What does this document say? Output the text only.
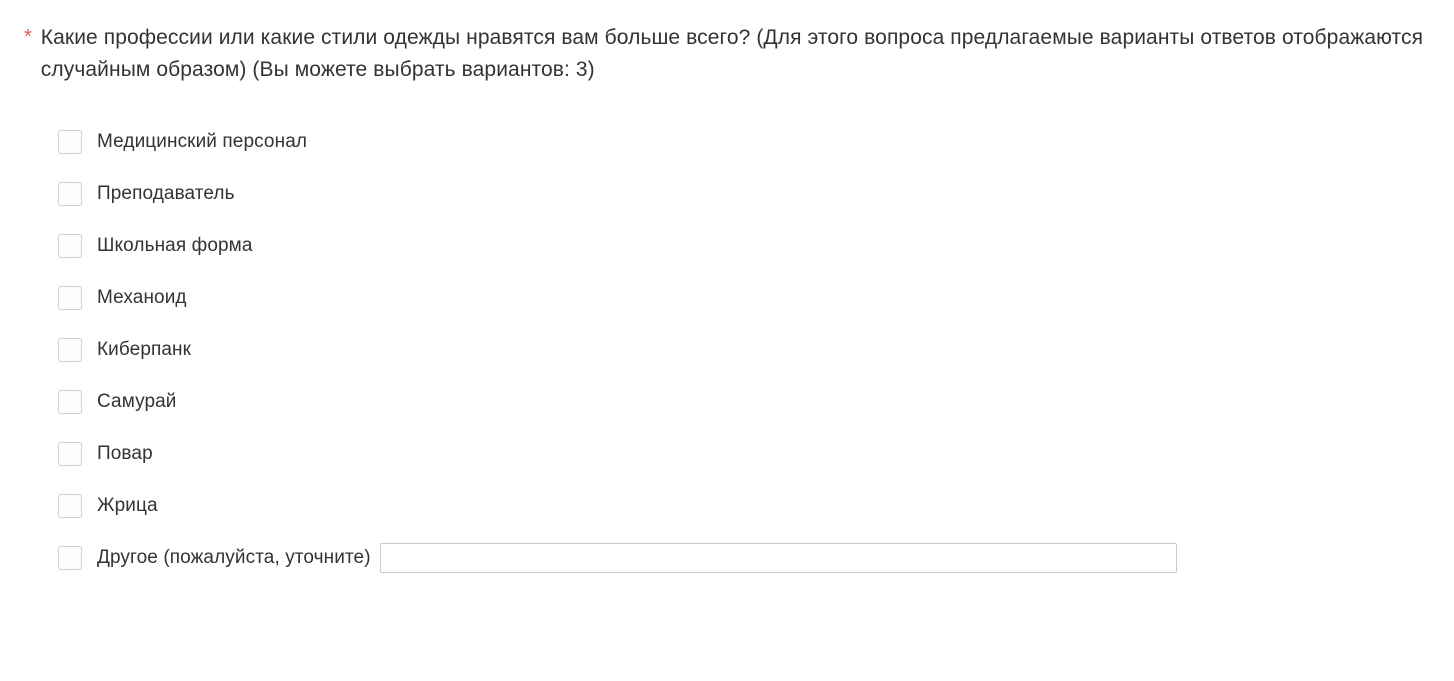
* Какие профессии или какие стили одежды нравятся вам больше всего? (Для этого вопроса предлагаемые варианты ответов отображаются случайным образом) (Вы можете выбрать вариантов: 3)
Медицинский персонал
Преподаватель
Школьная форма
Механоид
Киберпанк
Самурай
Повар
Жрица
Другое (пожалуйста, уточните)
